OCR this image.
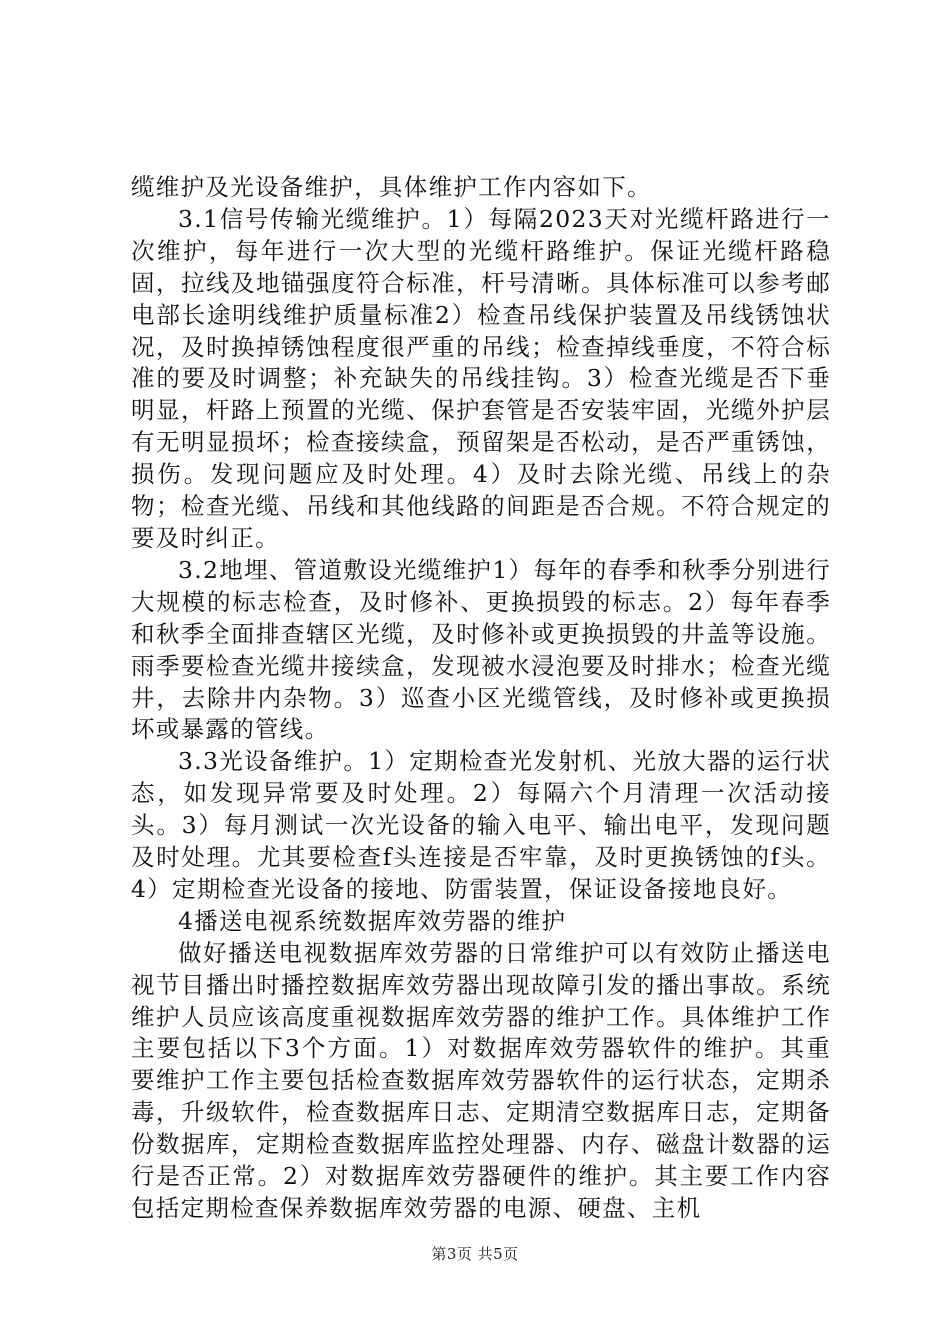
缆维护及光设备维护，具体维护工作内容如下。

3.1信号传输光缆维护。1）每隔2023天对光缆杆路进行一次维护，每年进行一次大型的光缆杆路维护。保证光缆杆路稳固，拉线及地锚强度符合标准，杆号清晰。具体标准可以参考邮电部长途明线维护质量标准2）检查吊线保护装置及吊线锈蚀状况，及时换掉锈蚀程度很严重的吊线；检查掉线垂度，不符合标准的要及时调整；补充缺失的吊线挂钩。3）检查光缆是否下垂明显，杆路上预置的光缆、保护套管是否安装牢固，光缆外护层有无明显损坏；检查接续盒，预留架是否松动，是否严重锈蚀，损伤。发现问题应及时处理。4）及时去除光缆、吊线上的杂物；检查光缆、吊线和其他线路的间距是否合规。不符合规定的要及时纠正。

3.2地埋、管道敷设光缆维护1）每年的春季和秋季分别进行大规模的标志检查，及时修补、更换损毁的标志。2）每年春季和秋季全面排查辖区光缆，及时修补或更换损毁的井盖等设施。雨季要检查光缆井接续盒，发现被水浸泡要及时排水；检查光缆井，去除井内杂物。3）巡查小区光缆管线，及时修补或更换损坏或暴露的管线。

3.3光设备维护。1）定期检查光发射机、光放大器的运行状态，如发现异常要及时处理。2）每隔六个月清理一次活动接头。3）每月测试一次光设备的输入电平、输出电平，发现问题及时处理。尤其要检查f头连接是否牢靠，及时更换锈蚀的f头。4）定期检查光设备的接地、防雷装置，保证设备接地良好。

4播送电视系统数据库效劳器的维护

做好播送电视数据库效劳器的日常维护可以有效防止播送电视节目播出时播控数据库效劳器出现故障引发的播出事故。系统维护人员应该高度重视数据库效劳器的维护工作。具体维护工作主要包括以下3个方面。1）对数据库效劳器软件的维护。其重要维护工作主要包括检查数据库效劳器软件的运行状态，定期杀毒，升级软件，检查数据库日志、定期清空数据库日志，定期备份数据库，定期检查数据库监控处理器、内存、磁盘计数器的运行是否正常。2）对数据库效劳器硬件的维护。其主要工作内容包括定期检查保养数据库效劳器的电源、硬盘、主机

第3页 共5页
